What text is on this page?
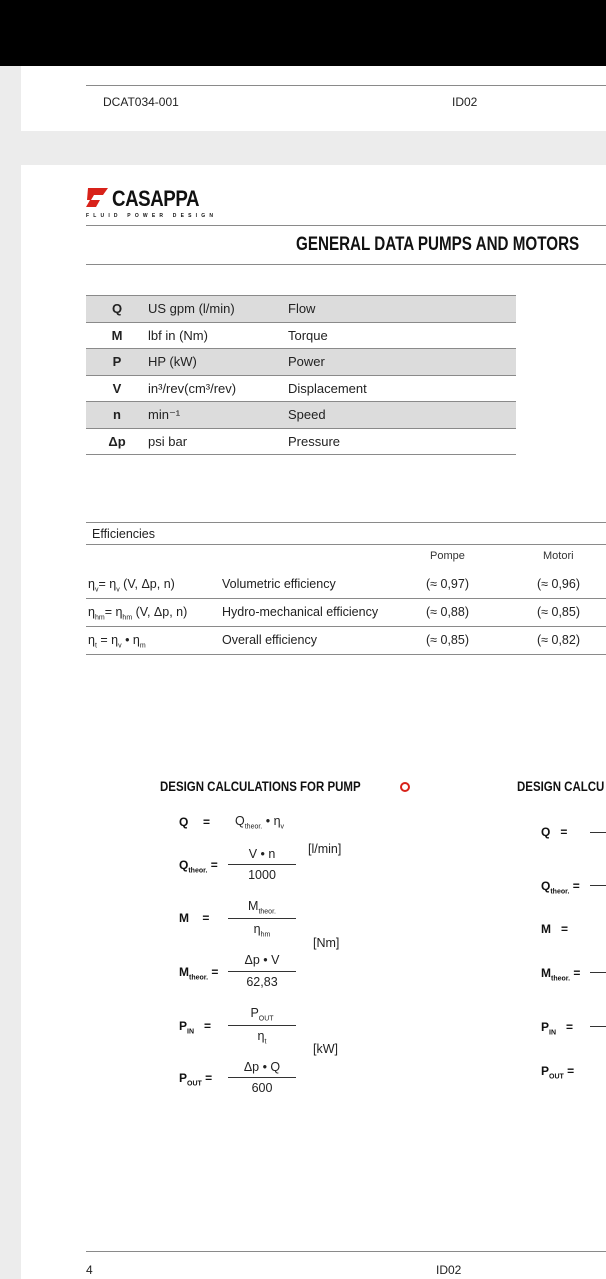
DCAT034-001	ID02
CASAPPA
FLUID POWER DESIGN
GENERAL DATA PUMPS AND MOTORS
Q	US gpm (l/min)	Flow
M	lbf in (Nm)	Torque
P	HP (kW)	Power
V	in³/rev(cm³/rev)	Displacement
n	min⁻¹	Speed
Δp	psi bar	Pressure
Efficiencies
Pompe	Motori
$\eta_v= \eta_v$ (V, Δp, n)	Volumetric efficiency	(≈ 0,97)	(≈ 0,96)
$\eta_{hm}= \eta_{hm}$ (V, Δp, n)	Hydro-mechanical efficiency	(≈ 0,88)	(≈ 0,85)
$\eta_t = \eta_v$ • $\eta_m$	Overall efficiency	(≈ 0,85)	(≈ 0,82)
DESIGN CALCULATIONS FOR PUMP
$Q = Q_{theor.}$ • $\eta_v$
$Q_{theor.}$ =
V • n
1000
[l/min]
M    =
$M_{theor.}$
$\eta_{hm}$
[Nm]
$M_{theor.}$ =
Δp • V
62,83
$P_{IN}$   =
$P_{OUT}$
$\eta_t$	[kW]
$P_{OUT}$ =
Δp • Q
600
DESIGN CALCU
Q   =
$Q_{theor.}$ =
M   =
$M_{theor.}$ =
$P_{IN}$   =
$P_{OUT}$ =
4	ID02
